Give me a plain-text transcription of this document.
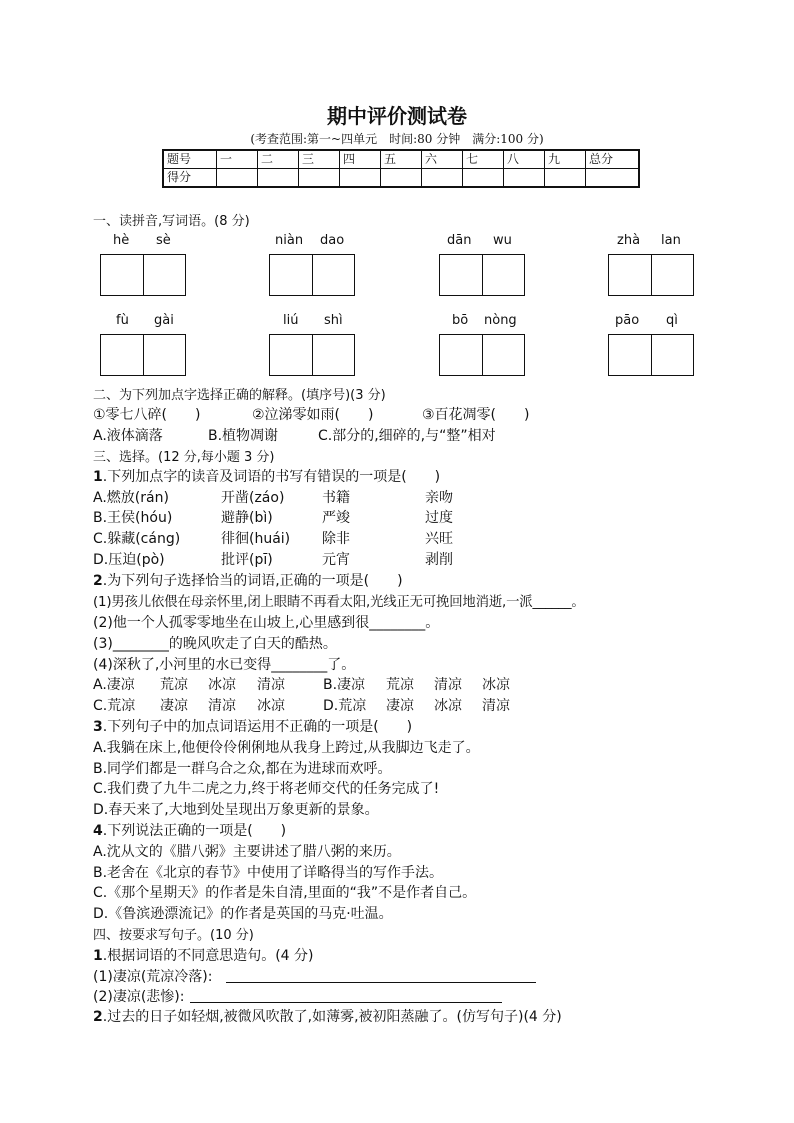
期中评价测试卷
(考查范围:第一~四单元　时间:80 分钟　满分:100 分)
题号	一	二	三	四	五	六	七	八	九	总分
得分										
一、读拼音,写词语。(8 分)
hè sè	niàn dao	dān wu	zhà lan
fù gài	liú shì	bō nòng	pāo qì
二、为下列加点字选择正确的解释。(填序号)(3 分)
①零七八碎(　　)	②泣涕零如雨(　　)	③百花凋零(　　)
A.液体滴落	B.植物凋谢	C.部分的,细碎的,与“整”相对
三、选择。(12 分,每小题 3 分)
1.下列加点字的读音及词语的书写有错误的一项是(　　)
A.燃放(rán)	开凿(záo)	书籍	亲吻
B.王侯(hóu)	避静(bì)	严竣	过度
C.躲藏(cáng)	徘徊(huái) 除非	兴旺
D.压迫(pò)	批评(pī)	元宵	剥削
2.为下列句子选择恰当的词语,正确的一项是(　　)
(1)男孩儿依偎在母亲怀里,闭上眼睛不再看太阳,光线正无可挽回地消逝,一派______。
(2)他一个人孤零零地坐在山坡上,心里感到很________。
(3)________的晚风吹走了白天的酷热。
(4)深秋了,小河里的水已变得________了。
A.凄凉 荒凉 冰凉 清凉	B.凄凉 荒凉 清凉 冰凉
C.荒凉 凄凉 清凉 冰凉	D.荒凉 凄凉 冰凉 清凉
3.下列句子中的加点词语运用不正确的一项是(　　)
A.我躺在床上,他便伶伶俐俐地从我身上跨过,从我脚边飞走了。
B.同学们都是一群乌合之众,都在为进球而欢呼。
C.我们费了九牛二虎之力,终于将老师交代的任务完成了!
D.春天来了,大地到处呈现出万象更新的景象。
4.下列说法正确的一项是(　　)
A.沈从文的《腊八粥》主要讲述了腊八粥的来历。
B.老舍在《北京的春节》中使用了详略得当的写作手法。
C.《那个星期天》的作者是朱自清,里面的“我”不是作者自己。
D.《鲁滨逊漂流记》的作者是英国的马克·吐温。
四、按要求写句子。(10 分)
1.根据词语的不同意思造句。(4 分)
(1)凄凉(荒凉冷落):
(2)凄凉(悲惨):
2.过去的日子如轻烟,被微风吹散了,如薄雾,被初阳蒸融了。(仿写句子)(4 分)
